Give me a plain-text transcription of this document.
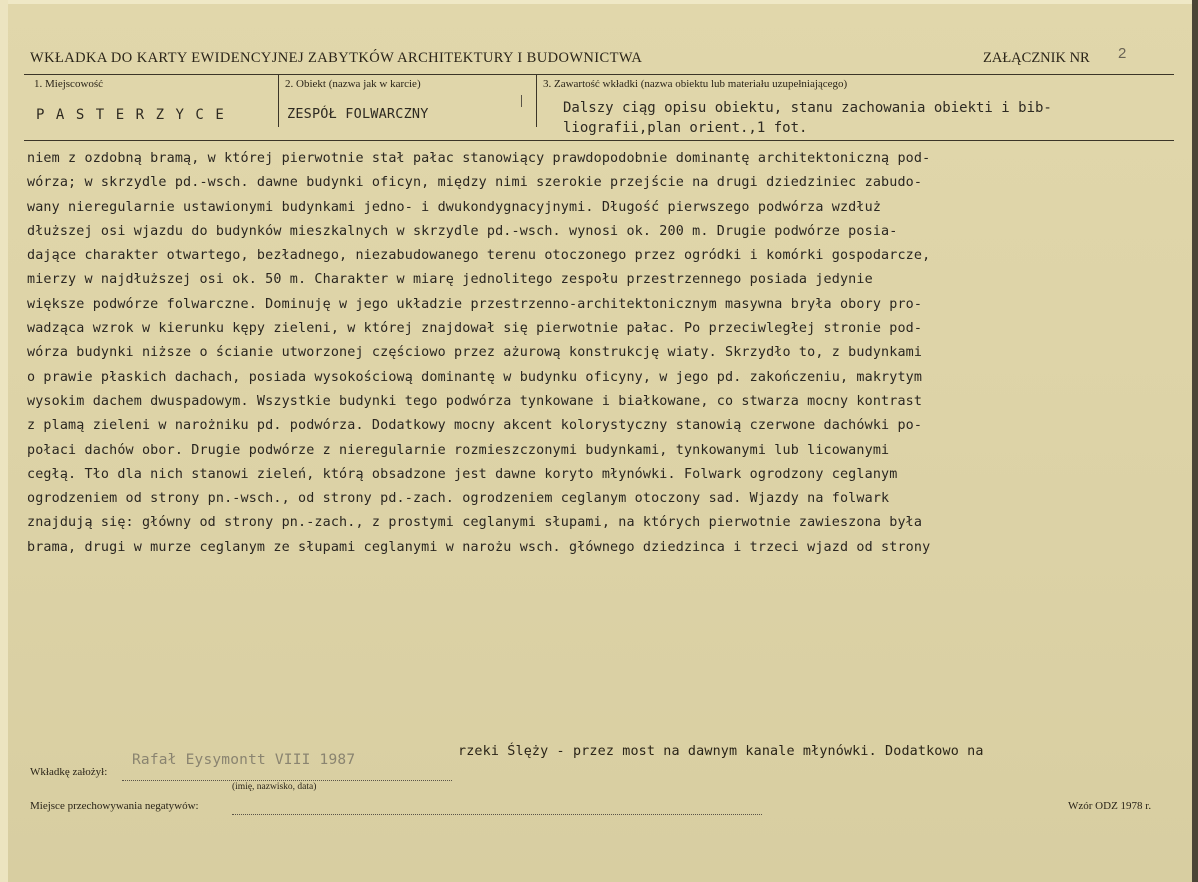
WKŁADKA DO KARTY EWIDENCYJNEJ ZABYTKÓW ARCHITEKTURY I BUDOWNICTWA	ZAŁĄCZNIK NR 2
1. Miejscowość	2. Obiekt (nazwa jak w karcie)	3. Zawartość wkładki (nazwa obiektu lub materiału uzupełniającego)
PASTERZYCE	ZESPÓŁ FOLWARCZNY	Dalszy ciąg opisu obiektu, stanu zachowania obiekti i bib-
liografii,plan orient.,1 fot.
niem z ozdobną bramą, w której pierwotnie stał pałac stanowiący prawdopodobnie dominantę architektoniczną pod-
wórza; w skrzydle pd.-wsch. dawne budynki oficyn, między nimi szerokie przejście na drugi dziedziniec zabudo-
wany nieregularnie ustawionymi budynkami jedno- i dwukondygnacyjnymi. Długość pierwszego podwórza wzdłuż
dłuższej osi wjazdu do budynków mieszkalnych w skrzydle pd.-wsch. wynosi ok. 200 m. Drugie podwórze posia-
dające charakter otwartego, bezładnego, niezabudowanego terenu otoczonego przez ogródki i komórki gospodarcze,
mierzy w najdłuższej osi ok. 50 m. Charakter w miarę jednolitego zespołu przestrzennego posiada jedynie
większe podwórze folwarczne. Dominuję w jego układzie przestrzenno-architektonicznym masywna bryła obory pro-
wadząca wzrok w kierunku kępy zieleni, w której znajdował się pierwotnie pałac. Po przeciwległej stronie pod-
wórza budynki niższe o ścianie utworzonej częściowo przez ażurową konstrukcję wiaty. Skrzydło to, z budynkami
o prawie płaskich dachach, posiada wysokościową dominantę w budynku oficyny, w jego pd. zakończeniu, makrytym
wysokim dachem dwuspadowym. Wszystkie budynki tego podwórza tynkowane i białkowane, co stwarza mocny kontrast
z plamą zieleni w narożniku pd. podwórza. Dodatkowy mocny akcent kolorystyczny stanowią czerwone dachówki po-
połaci dachów obor. Drugie podwórze z nieregularnie rozmieszczonymi budynkami, tynkowanymi lub licowanymi
cegłą. Tło dla nich stanowi zieleń, którą obsadzone jest dawne koryto młynówki. Folwark ogrodzony ceglanym
ogrodzeniem od strony pn.-wsch., od strony pd.-zach. ogrodzeniem ceglanym otoczony sad. Wjazdy na folwark
znajdują się: główny od strony pn.-zach., z prostymi ceglanymi słupami, na których pierwotnie zawieszona była
brama, drugi w murze ceglanym ze słupami ceglanymi w narożu wsch. głównego dziedzinca i trzeci wjazd od strony
rzeki Ślęży - przez most na dawnym kanale młynówki. Dodatkowo na
Wkładkę założył:
Rafał Eysymontt VIII 1987
(imię, nazwisko, data)
Miejsce przechowywania negatywów:	Wzór ODZ 1978 r.
